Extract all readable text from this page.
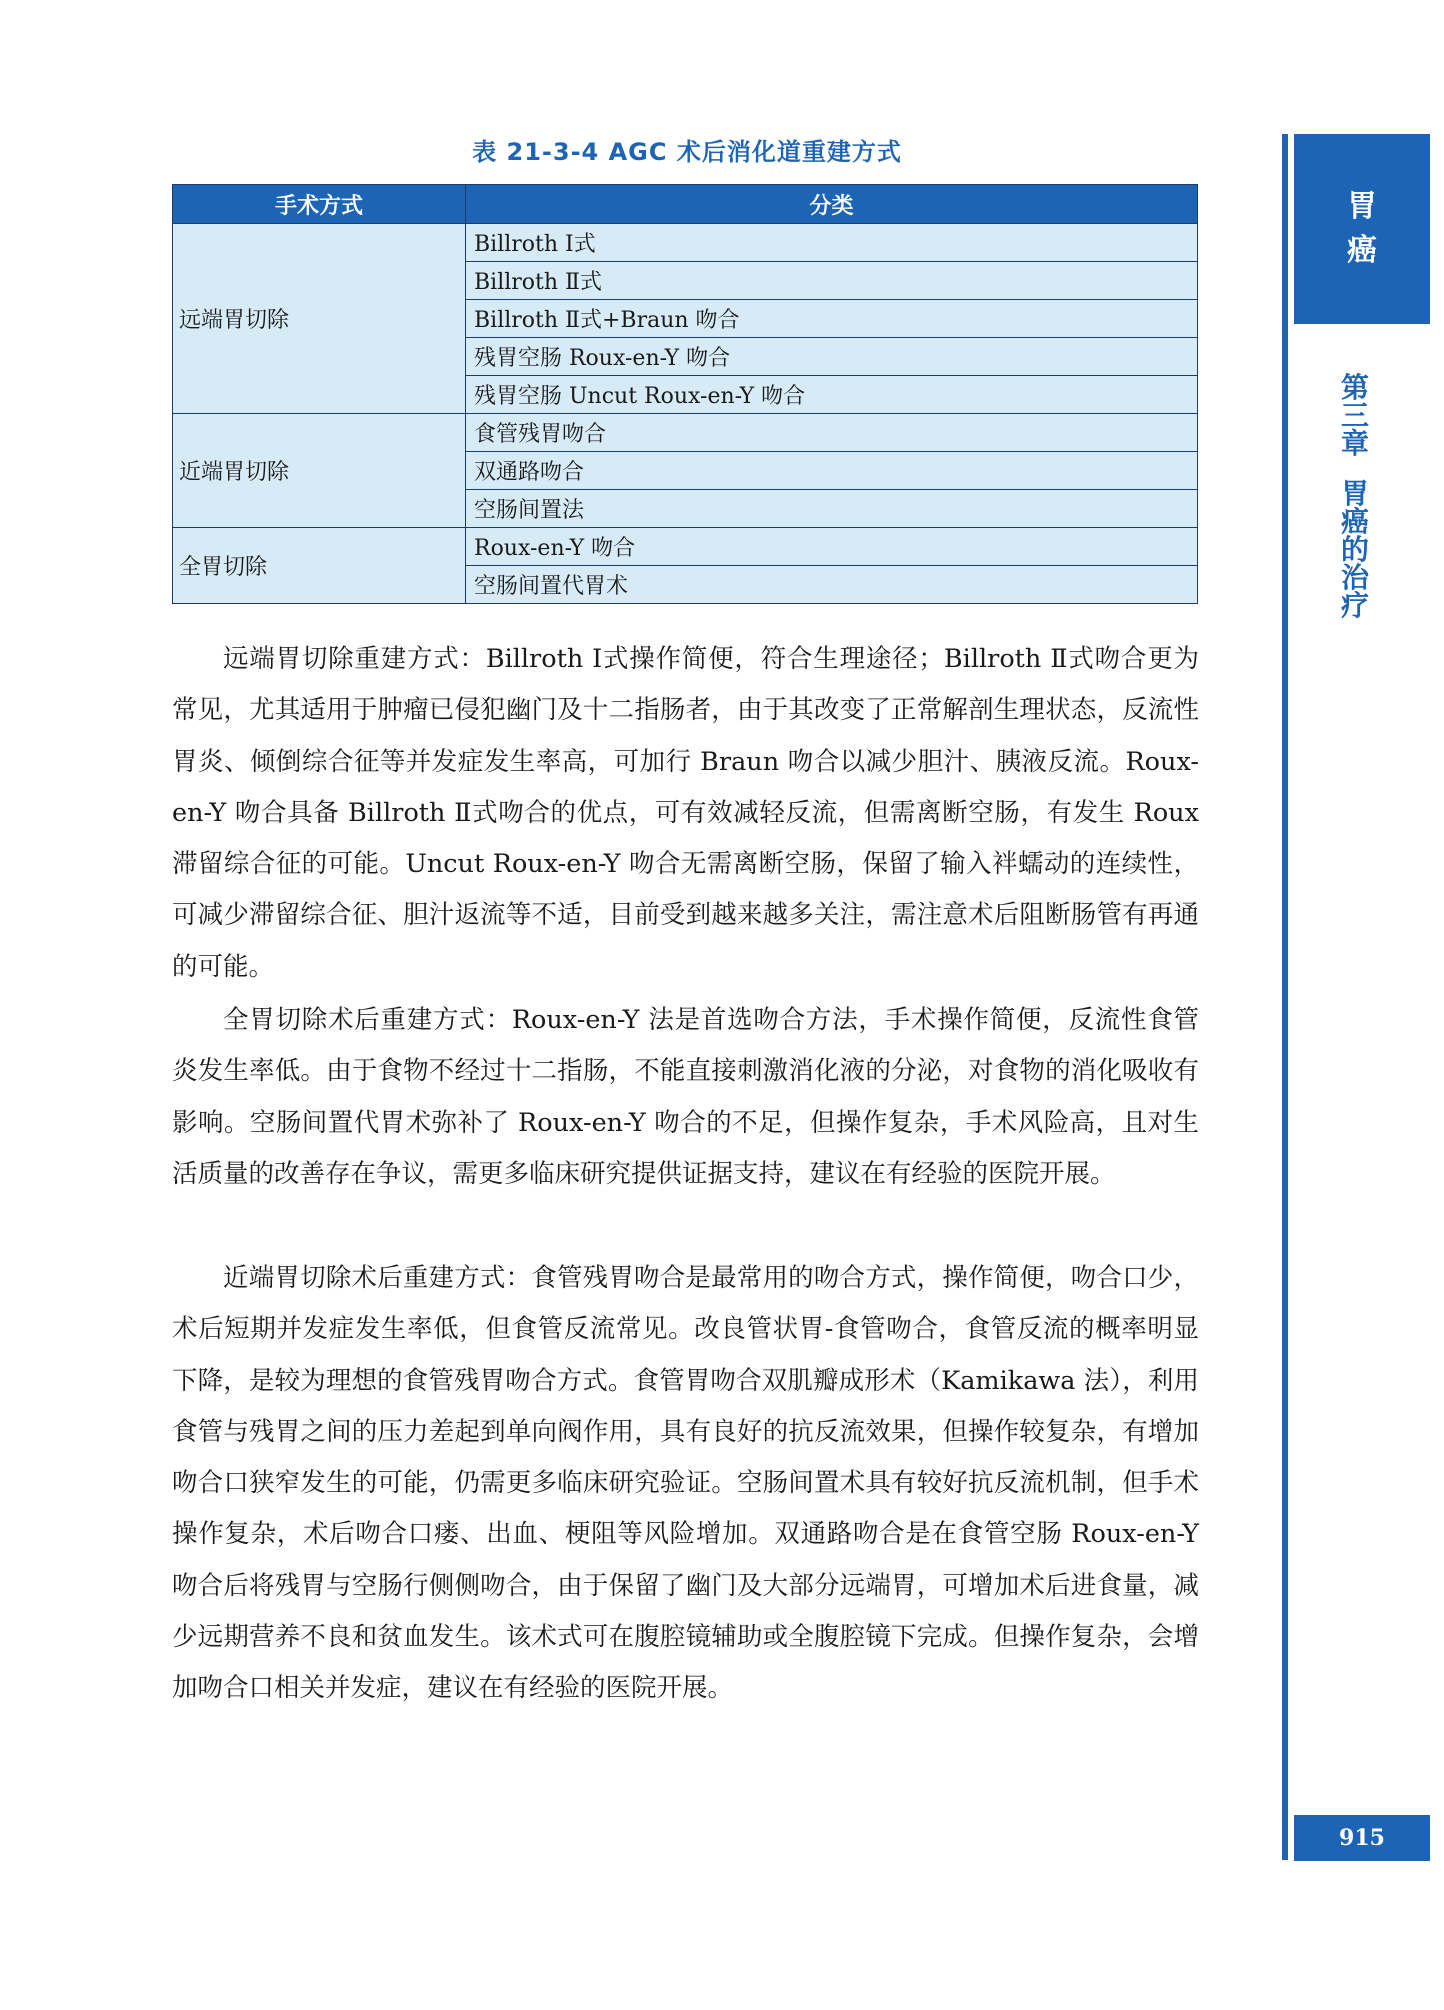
表 21-3-4 AGC 术后消化道重建方式
手术方式	分类
远端胃切除	Billroth Ⅰ式
	Billroth Ⅱ式
	Billroth Ⅱ式+Braun 吻合
	残胃空肠 Roux-en-Y 吻合
	残胃空肠 Uncut Roux-en-Y 吻合
近端胃切除	食管残胃吻合
	双通路吻合
	空肠间置法
全胃切除	Roux-en-Y 吻合
	空肠间置代胃术

远端胃切除重建方式：Billroth Ⅰ式操作简便，符合生理途径；Billroth Ⅱ式吻合更为常见，尤其适用于肿瘤已侵犯幽门及十二指肠者，由于其改变了正常解剖生理状态，反流性胃炎、倾倒综合征等并发症发生率高，可加行 Braun 吻合以减少胆汁、胰液反流。Roux-en-Y 吻合具备 Billroth Ⅱ式吻合的优点，可有效减轻反流，但需离断空肠，有发生 Roux 滞留综合征的可能。Uncut Roux-en-Y 吻合无需离断空肠，保留了输入袢蠕动的连续性，可减少滞留综合征、胆汁返流等不适，目前受到越来越多关注，需注意术后阻断肠管有再通的可能。

全胃切除术后重建方式：Roux-en-Y 法是首选吻合方法，手术操作简便，反流性食管炎发生率低。由于食物不经过十二指肠，不能直接刺激消化液的分泌，对食物的消化吸收有影响。空肠间置代胃术弥补了 Roux-en-Y 吻合的不足，但操作复杂，手术风险高，且对生活质量的改善存在争议，需更多临床研究提供证据支持，建议在有经验的医院开展。

近端胃切除术后重建方式：食管残胃吻合是最常用的吻合方式，操作简便，吻合口少，术后短期并发症发生率低，但食管反流常见。改良管状胃-食管吻合，食管反流的概率明显下降，是较为理想的食管残胃吻合方式。食管胃吻合双肌瓣成形术（Kamikawa 法），利用食管与残胃之间的压力差起到单向阀作用，具有良好的抗反流效果，但操作较复杂，有增加吻合口狭窄发生的可能，仍需更多临床研究验证。空肠间置术具有较好抗反流机制，但手术操作复杂，术后吻合口瘘、出血、梗阻等风险增加。双通路吻合是在食管空肠 Roux-en-Y 吻合后将残胃与空肠行侧侧吻合，由于保留了幽门及大部分远端胃，可增加术后进食量，减少远期营养不良和贫血发生。该术式可在腹腔镜辅助或全腹腔镜下完成。但操作复杂，会增加吻合口相关并发症，建议在有经验的医院开展。

胃
癌
第
三
章
胃
癌
的
治
疗
915
